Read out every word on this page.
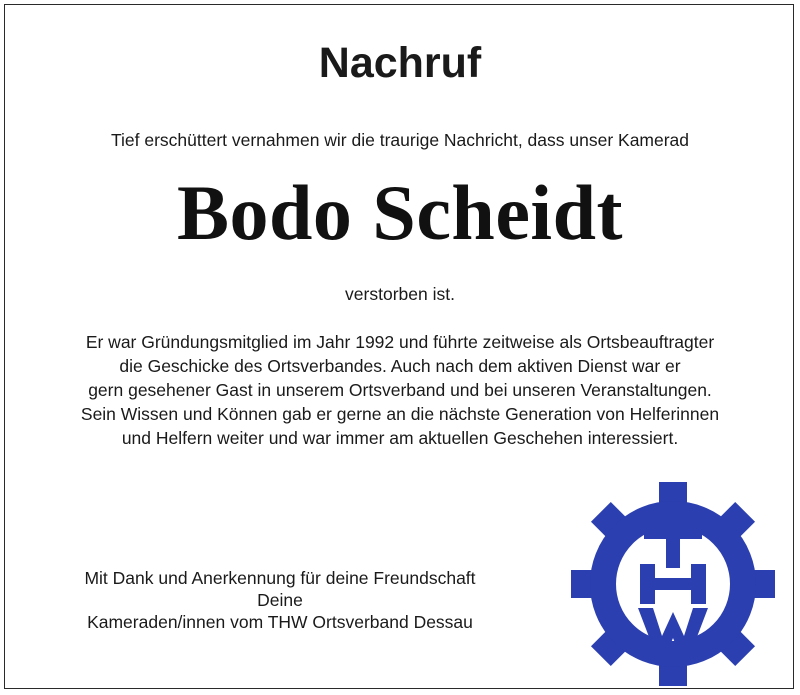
Nachruf
Tief erschüttert vernahmen wir die traurige Nachricht, dass unser Kamerad
Bodo Scheidt
verstorben ist.
Er war Gründungsmitglied im Jahr 1992 und führte zeitweise als Ortsbeauftragter
die Geschicke des Ortsverbandes. Auch nach dem aktiven Dienst war er
gern gesehener Gast in unserem Ortsverband und bei unseren Veranstaltungen.
Sein Wissen und Können gab er gerne an die nächste Generation von Helferinnen
und Helfern weiter und war immer am aktuellen Geschehen interessiert.
Mit Dank und Anerkennung für deine Freundschaft
Deine
Kameraden/innen vom THW Ortsverband Dessau
